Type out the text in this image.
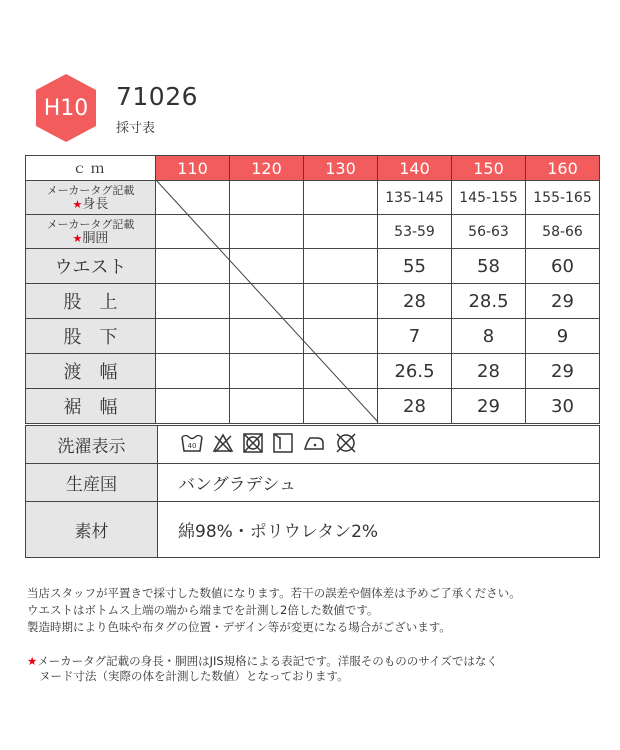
H10	71026
採寸表
ｃｍ	110	120	130	140	150	160

メーカータグ記載
★身長				135-145	145-155	155-165

メーカータグ記載
★胴囲				53-59	56-63	58-66
ウエスト				55	58	60
股　上				28	28.5	29
股　下				7	8	9
渡　幅				26.5	28	29
裾　幅				28	29	30
洗濯表示	40

生産国	バングラデシュ
素材	綿98%・ポリウレタン2%

当店スタッフが平置きで採寸した数値になります。若干の誤差や個体差は予めご了承ください。

ウエストはボトムス上端の端から端までを計測し2倍した数値です。

製造時期により色味や布タグの位置・デザイン等が変更になる場合がございます。

★メーカータグ記載の身長・胴囲はJIS規格による表記です。洋服そのもののサイズではなく

ヌード寸法（実際の体を計測した数値）となっております。
